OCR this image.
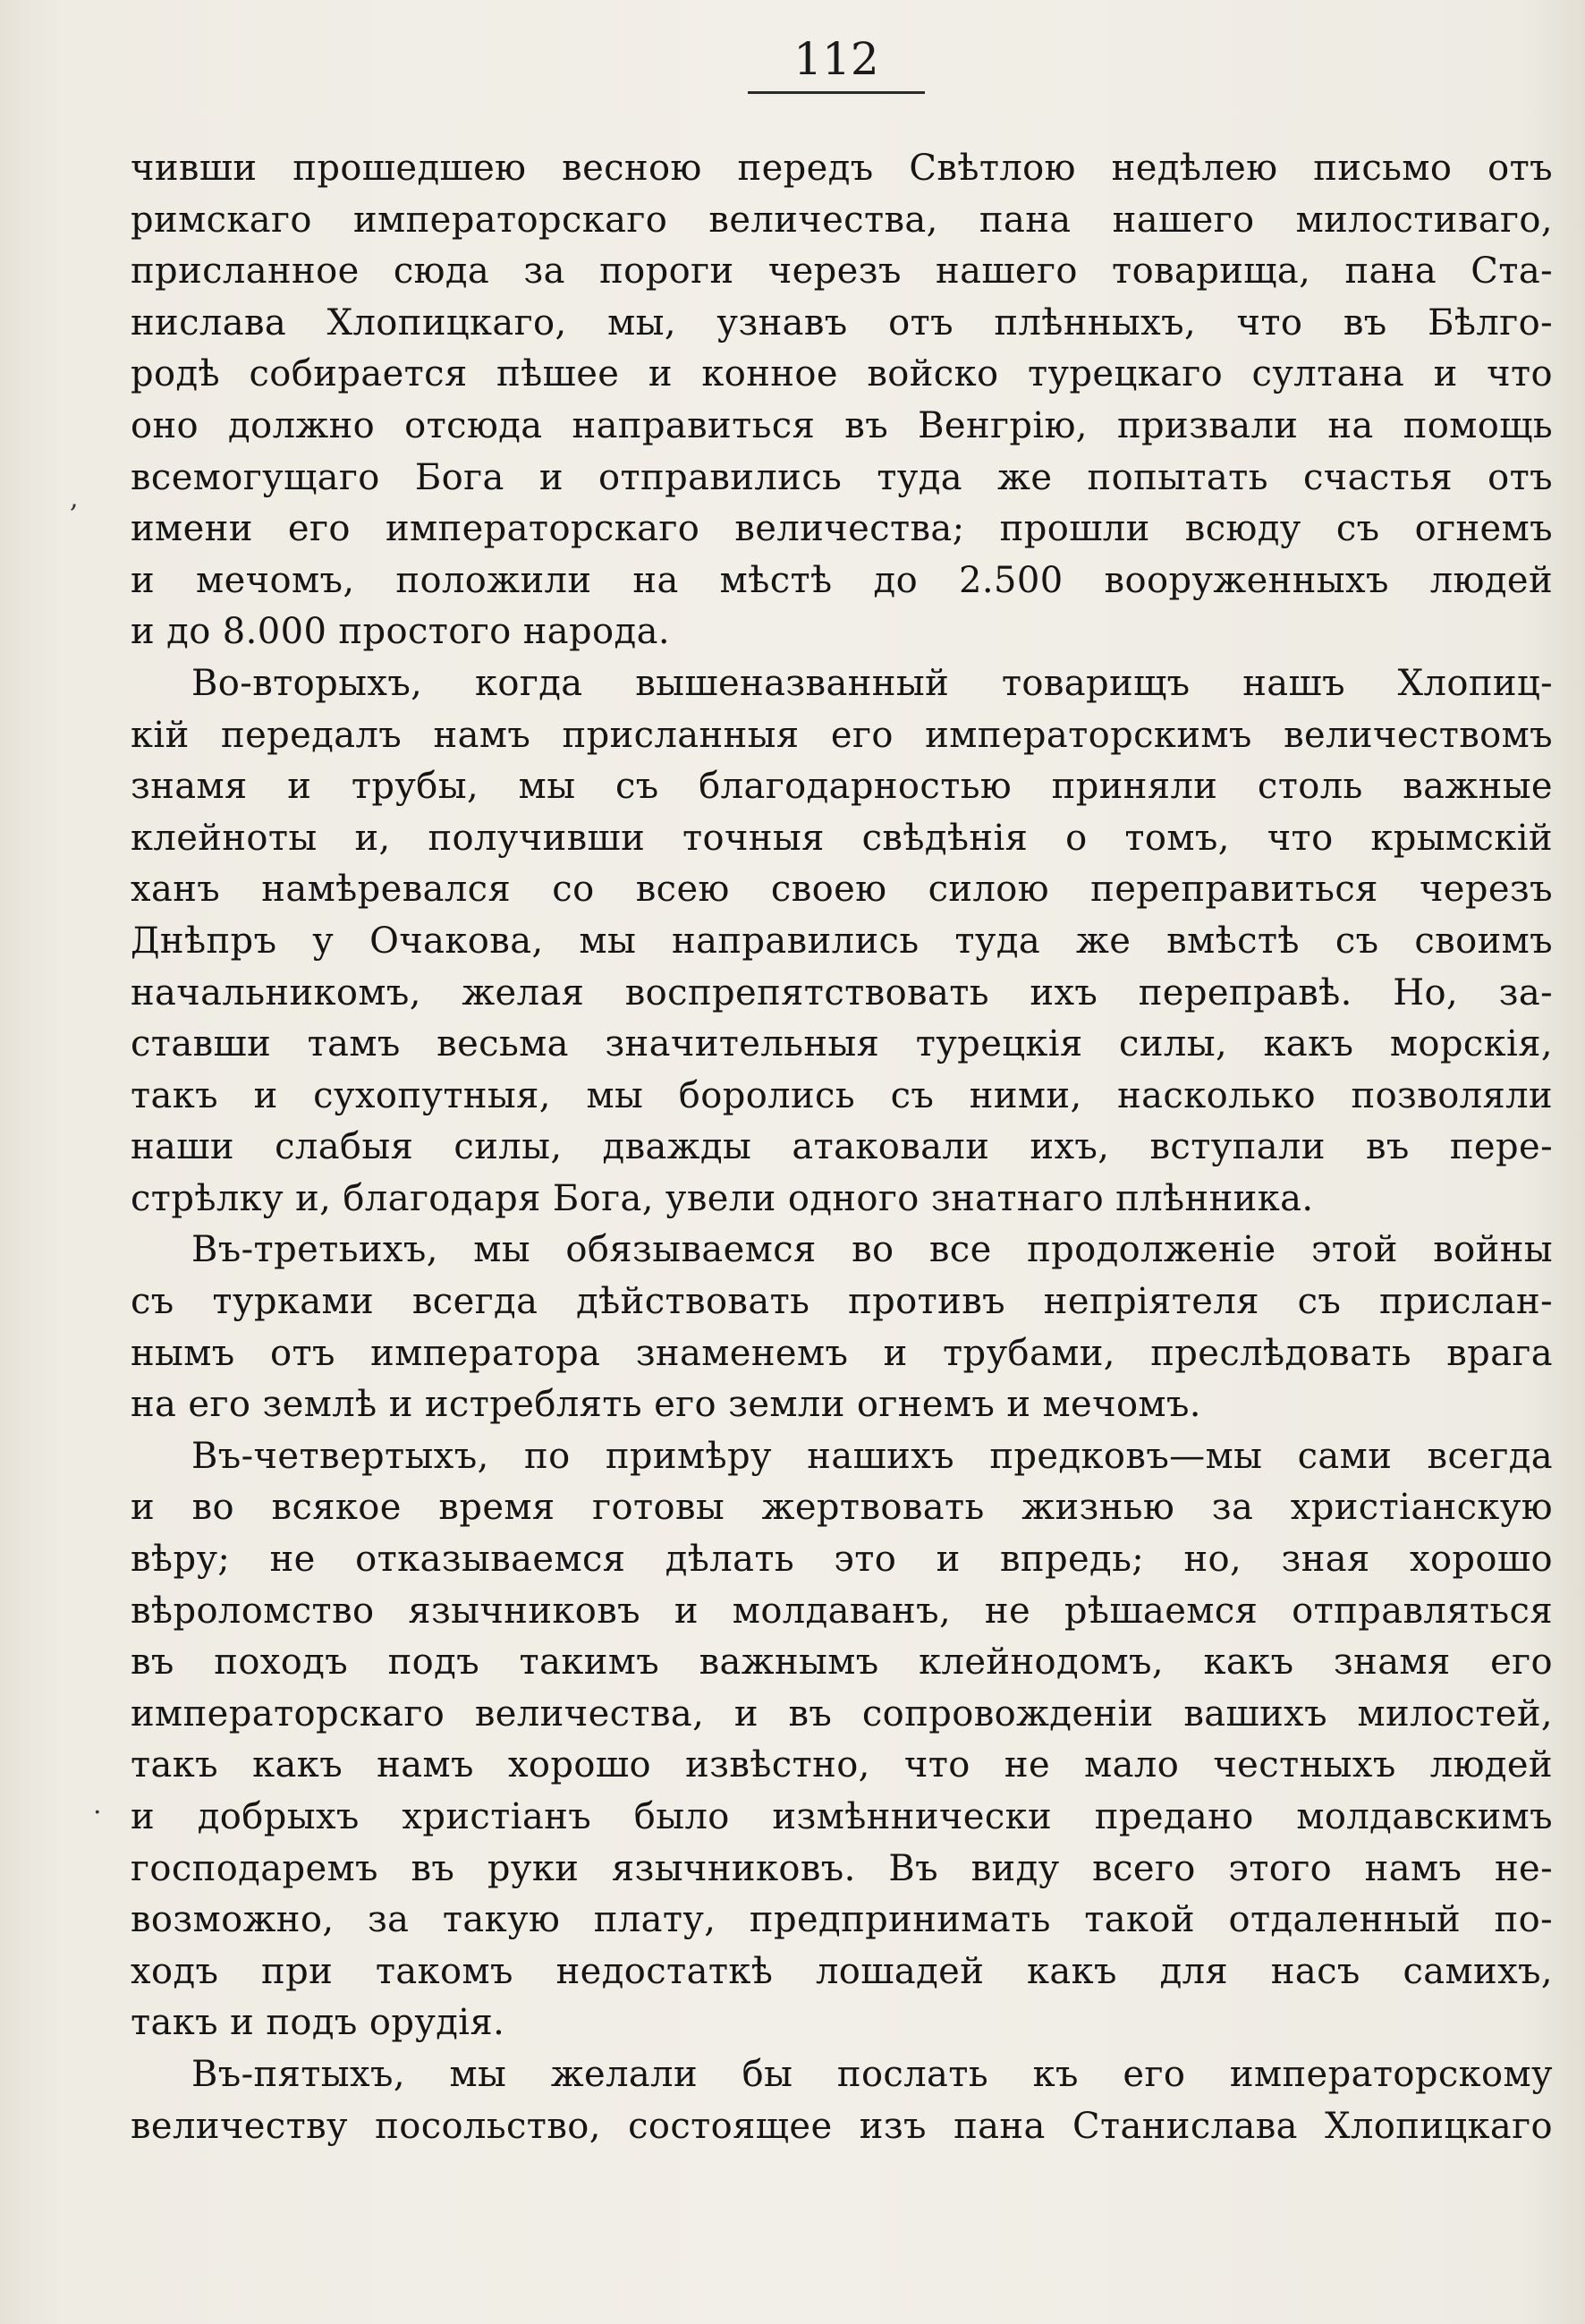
112
,
.
чивши прошедшею весною передъ Свѣтлою недѣлею письмо отъ
римскаго императорскаго величества, пана нашего милостиваго,
присланное сюда за пороги черезъ нашего товарища, пана Ста-
нислава Хлопицкаго, мы, узнавъ отъ плѣнныхъ, что въ Бѣлго-
родѣ собирается пѣшее и конное войско турецкаго султана и что
оно должно отсюда направиться въ Венгрію, призвали на помощь
всемогущаго Бога и отправились туда же попытать счастья отъ
имени его императорскаго величества; прошли всюду съ огнемъ
и мечомъ, положили на мѣстѣ до 2.500 вооруженныхъ людей
и до 8.000 простого народа.
Во-вторыхъ, когда вышеназванный товарищъ нашъ Хлопиц-
кій передалъ намъ присланныя его императорскимъ величествомъ
знамя и трубы, мы съ благодарностью приняли столь важные
клейноты и, получивши точныя свѣдѣнія о томъ, что крымскій
ханъ намѣревался со всею своею силою переправиться черезъ
Днѣпръ у Очакова, мы направились туда же вмѣстѣ съ своимъ
начальникомъ, желая воспрепятствовать ихъ переправѣ. Но, за-
ставши тамъ весьма значительныя турецкія силы, какъ морскія,
такъ и сухопутныя, мы боролись съ ними, насколько позволяли
наши слабыя силы, дважды атаковали ихъ, вступали въ пере-
стрѣлку и, благодаря Бога, увели одного знатнаго плѣнника.
Въ-третьихъ, мы обязываемся во все продолженіе этой войны
съ турками всегда дѣйствовать противъ непріятеля съ прислан-
нымъ отъ императора знаменемъ и трубами, преслѣдовать врага
на его землѣ и истреблять его земли огнемъ и мечомъ.
Въ-четвертыхъ, по примѣру нашихъ предковъ—мы сами всегда
и во всякое время готовы жертвовать жизнью за христіанскую
вѣру; не отказываемся дѣлать это и впредь; но, зная хорошо
вѣроломство язычниковъ и молдаванъ, не рѣшаемся отправляться
въ походъ подъ такимъ важнымъ клейнодомъ, какъ знамя его
императорскаго величества, и въ сопровожденіи вашихъ милостей,
такъ какъ намъ хорошо извѣстно, что не мало честныхъ людей
и добрыхъ христіанъ было измѣннически предано молдавскимъ
господаремъ въ руки язычниковъ. Въ виду всего этого намъ не-
возможно, за такую плату, предпринимать такой отдаленный по-
ходъ при такомъ недостаткѣ лошадей какъ для насъ самихъ,
такъ и подъ орудія.
Въ-пятыхъ, мы желали бы послать къ его императорскому
величеству посольство, состоящее изъ пана Станислава Хлопицкаго
